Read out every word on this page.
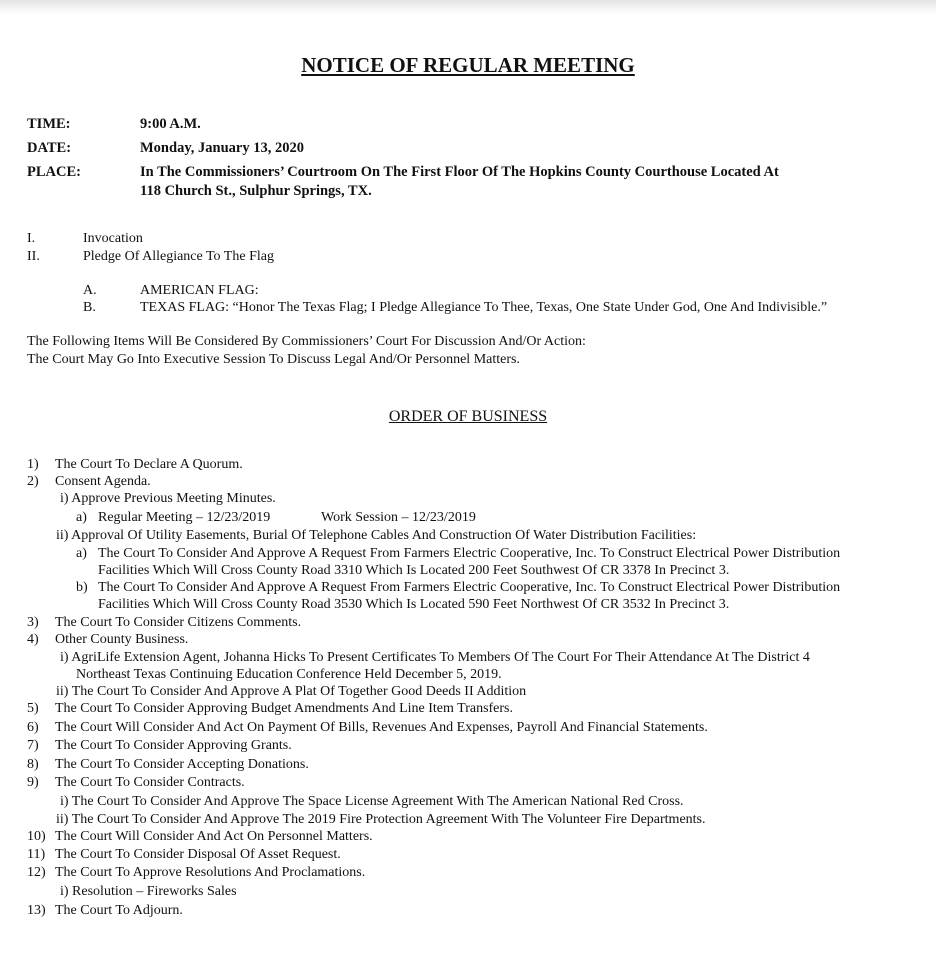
NOTICE OF REGULAR MEETING
TIME:	9:00 A.M.
DATE:	Monday, January 13, 2020
PLACE:	In The Commissioners’ Courtroom On The First Floor Of The Hopkins County Courthouse Located At
118 Church St., Sulphur Springs, TX.
I.	Invocation
II.	Pledge Of Allegiance To The Flag
A.	AMERICAN FLAG:
B.	TEXAS FLAG: “Honor The Texas Flag; I Pledge Allegiance To Thee, Texas, One State Under God, One And Indivisible.”
The Following Items Will Be Considered By Commissioners’ Court For Discussion And/Or Action:
The Court May Go Into Executive Session To Discuss Legal And/Or Personnel Matters.
ORDER OF BUSINESS
1) The Court To Declare A Quorum.
2) Consent Agenda.
i) Approve Previous Meeting Minutes.
a) Regular Meeting – 12/23/2019	Work Session – 12/23/2019
ii) Approval Of Utility Easements, Burial Of Telephone Cables And Construction Of Water Distribution Facilities:
a) The Court To Consider And Approve A Request From Farmers Electric Cooperative, Inc. To Construct Electrical Power Distribution
Facilities Which Will Cross County Road 3310 Which Is Located 200 Feet Southwest Of CR 3378 In Precinct 3.
b) The Court To Consider And Approve A Request From Farmers Electric Cooperative, Inc. To Construct Electrical Power Distribution
Facilities Which Will Cross County Road 3530 Which Is Located 590 Feet Northwest Of CR 3532 In Precinct 3.
3) The Court To Consider Citizens Comments.
4) Other County Business.
i) AgriLife Extension Agent, Johanna Hicks To Present Certificates To Members Of The Court For Their Attendance At The District 4
Northeast Texas Continuing Education Conference Held December 5, 2019.
ii) The Court To Consider And Approve A Plat Of Together Good Deeds II Addition
5) The Court To Consider Approving Budget Amendments And Line Item Transfers.
6) The Court Will Consider And Act On Payment Of Bills, Revenues And Expenses, Payroll And Financial Statements.
7) The Court To Consider Approving Grants.
8) The Court To Consider Accepting Donations.
9) The Court To Consider Contracts.
i) The Court To Consider And Approve The Space License Agreement With The American National Red Cross.
ii) The Court To Consider And Approve The 2019 Fire Protection Agreement With The Volunteer Fire Departments.
10) The Court Will Consider And Act On Personnel Matters.
11) The Court To Consider Disposal Of Asset Request.
12) The Court To Approve Resolutions And Proclamations.
i) Resolution – Fireworks Sales
13) The Court To Adjourn.
